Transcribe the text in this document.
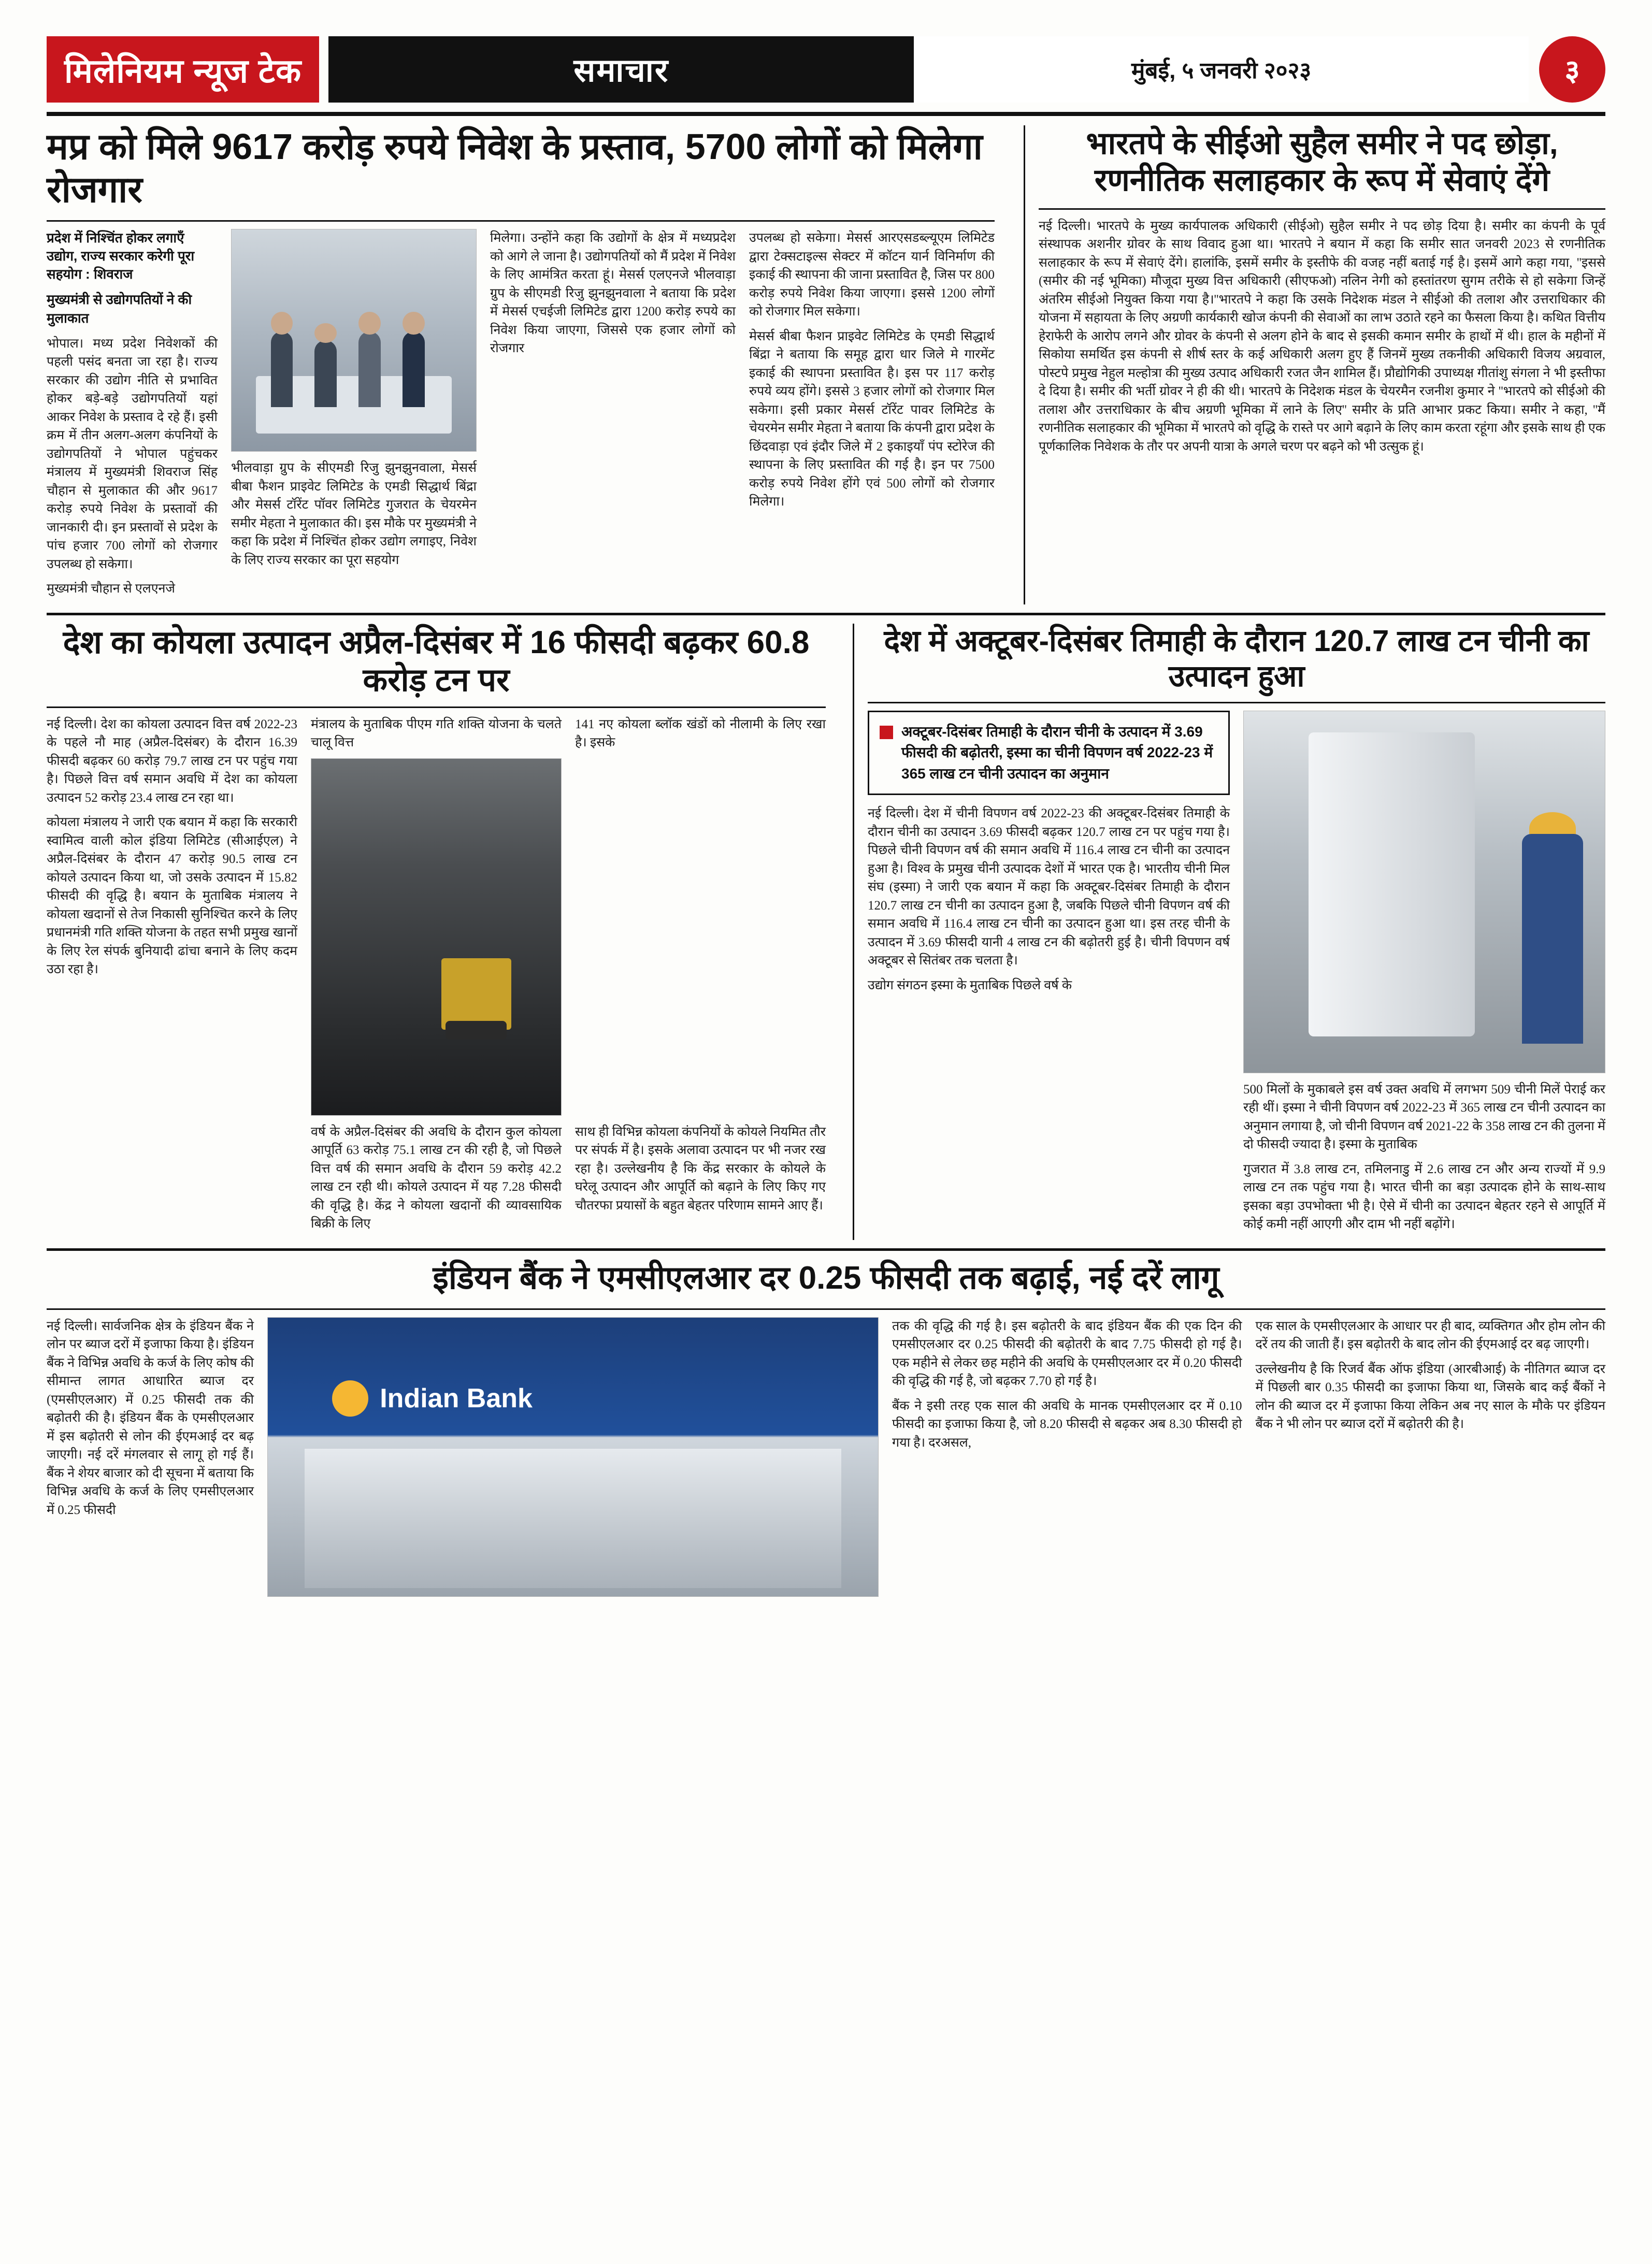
मिलेनियम न्यूज टेक	समाचार	मुंबई, ५ जनवरी २०२३	३
मप्र को मिले 9617 करोड़ रुपये निवेश के प्रस्ताव, 5700 लोगों को मिलेगा रोजगार
प्रदेश में निश्चिंत होकर लगाएँ उद्योग, राज्य सरकार करेगी पूरा सहयोग : शिवराज
मुख्यमंत्री से उद्योगपतियों ने की मुलाकात

भोपाल। मध्य प्रदेश निवेशकों की पहली पसंद बनता जा रहा है। राज्य सरकार की उद्योग नीति से प्रभावित होकर बड़े-बड़े उद्योगपतियों यहां आकर निवेश के प्रस्ताव दे रहे हैं। इसी क्रम में तीन अलग-अलग कंपनियों के उद्योगपतियों ने भोपाल पहुंचकर मंत्रालय में मुख्यमंत्री शिवराज सिंह चौहान से मुलाकात की और 9617 करोड़ रुपये निवेश के प्रस्तावों की जानकारी दी। इन प्रस्तावों से प्रदेश के पांच हजार 700 लोगों को रोजगार उपलब्ध हो सकेगा।

मुख्यमंत्री चौहान से एलएनजे

भीलवाड़ा ग्रुप के सीएमडी रिजु झुनझुनवाला, मेसर्स बीबा फैशन प्राइवेट लिमिटेड के एमडी सिद्धार्थ बिंद्रा और मेसर्स टॉरेंट पॉवर लिमिटेड गुजरात के चेयरमेन समीर मेहता ने मुलाकात की। इस मौके पर मुख्यमंत्री ने कहा कि प्रदेश में निश्चिंत होकर उद्योग लगाइए, निवेश के लिए राज्य सरकार का पूरा सहयोग

मिलेगा। उन्होंने कहा कि उद्योगों के क्षेत्र में मध्यप्रदेश को आगे ले जाना है। उद्योगपतियों को मैं प्रदेश में निवेश के लिए आमंत्रित करता हूं। मेसर्स एलएनजे भीलवाड़ा ग्रुप के सीएमडी रिजु झुनझुनवाला ने बताया कि प्रदेश में मेसर्स एचईजी लिमिटेड द्वारा 1200 करोड़ रुपये का निवेश किया जाएगा, जिससे एक हजार लोगों को रोजगार

उपलब्ध हो सकेगा। मेसर्स आरएसडब्ल्यूएम लिमिटेड द्वारा टेक्सटाइल्स सेक्टर में कॉटन यार्न विनिर्माण की इकाई की स्थापना की जाना प्रस्तावित है, जिस पर 800 करोड़ रुपये निवेश किया जाएगा। इससे 1200 लोगों को रोजगार मिल सकेगा।

मेसर्स बीबा फैशन प्राइवेट लिमिटेड के एमडी सिद्धार्थ बिंद्रा ने बताया कि समूह द्वारा धार जिले मे गारमेंट इकाई की स्थापना प्रस्तावित है। इस पर 117 करोड़ रुपये व्यय होंगे। इससे 3 हजार लोगों को रोजगार मिल सकेगा। इसी प्रकार मेसर्स टॉरेंट पावर लिमिटेड के चेयरमेन समीर मेहता ने बताया कि कंपनी द्वारा प्रदेश के छिंदवाड़ा एवं इंदौर जिले में 2 इकाइयाँ पंप स्टोरेज की स्थापना के लिए प्रस्तावित की गई है। इन पर 7500 करोड़ रुपये निवेश होंगे एवं 500 लोगों को रोजगार मिलेगा।

भारतपे के सीईओ सुहैल समीर ने पद छोड़ा, रणनीतिक सलाहकार के रूप में सेवाएं देंगे

नई दिल्ली। भारतपे के मुख्य कार्यपालक अधिकारी (सीईओ) सुहैल समीर ने पद छोड़ दिया है। समीर का कंपनी के पूर्व संस्थापक अशनीर ग्रोवर के साथ विवाद हुआ था। भारतपे ने बयान में कहा कि समीर सात जनवरी 2023 से रणनीतिक सलाहकार के रूप में सेवाएं देंगे। हालांकि, इसमें समीर के इस्तीफे की वजह नहीं बताई गई है। इसमें आगे कहा गया, ''इससे (समीर की नई भूमिका) मौजूदा मुख्य वित्त अधिकारी (सीएफओ) नलिन नेगी को हस्तांतरण सुगम तरीके से हो सकेगा जिन्हें अंतरिम सीईओ नियुक्त किया गया है।''भारतपे ने कहा कि उसके निदेशक मंडल ने सीईओ की तलाश और उत्तराधिकार की योजना में सहायता के लिए अग्रणी कार्यकारी खोज कंपनी की सेवाओं का लाभ उठाते रहने का फैसला किया है। कथित वित्तीय हेराफेरी के आरोप लगने और ग्रोवर के कंपनी से अलग होने के बाद से इसकी कमान समीर के हाथों में थी। हाल के महीनों में सिकोया समर्थित इस कंपनी से शीर्ष स्तर के कई अधिकारी अलग हुए हैं जिनमें मुख्य तकनीकी अधिकारी विजय अग्रवाल, पोस्टपे प्रमुख नेहुल मल्होत्रा की मुख्य उत्पाद अधिकारी रजत जैन शामिल हैं। प्रौद्योगिकी उपाध्यक्ष गीतांशु संगला ने भी इस्तीफा दे दिया है। समीर की भर्ती ग्रोवर ने ही की थी। भारतपे के निदेशक मंडल के चेयरमैन रजनीश कुमार ने ''भारतपे को सीईओ की तलाश और उत्तराधिकार के बीच अग्रणी भूमिका में लाने के लिए'' समीर के प्रति आभार प्रकट किया। समीर ने कहा, ''मैं रणनीतिक सलाहकार की भूमिका में भारतपे को वृद्धि के रास्ते पर आगे बढ़ाने के लिए काम करता रहूंगा और इसके साथ ही एक पूर्णकालिक निवेशक के तौर पर अपनी यात्रा के अगले चरण पर बढ़ने को भी उत्सुक हूं।

देश का कोयला उत्पादन अप्रैल-दिसंबर में 16 फीसदी बढ़कर 60.8 करोड़ टन पर

नई दिल्ली। देश का कोयला उत्पादन वित्त वर्ष 2022-23 के पहले नौ माह (अप्रैल-दिसंबर) के दौरान 16.39 फीसदी बढ़कर 60 करोड़ 79.7 लाख टन पर पहुंच गया है। पिछले वित्त वर्ष समान अवधि में देश का कोयला उत्पादन 52 करोड़ 23.4 लाख टन रहा था।

कोयला मंत्रालय ने जारी एक बयान में कहा कि सरकारी स्वामित्व वाली कोल इंडिया लिमिटेड (सीआईएल) ने अप्रैल-दिसंबर के दौरान 47 करोड़ 90.5 लाख टन कोयले उत्पादन किया था, जो उसके उत्पादन में 15.82 फीसदी की वृद्धि है। बयान के मुताबिक मंत्रालय ने कोयला खदानों से तेज निकासी सुनिश्चित करने के लिए प्रधानमंत्री गति शक्ति योजना के तहत सभी प्रमुख खानों के लिए रेल संपर्क बुनियादी ढांचा बनाने के लिए कदम उठा रहा है।

मंत्रालय के मुताबिक पीएम गति शक्ति योजना के चलते चालू वित्त

वर्ष के अप्रैल-दिसंबर की अवधि के दौरान कुल कोयला आपूर्ति 63 करोड़ 75.1 लाख टन की रही है, जो पिछले वित्त वर्ष की समान अवधि के दौरान 59 करोड़ 42.2 लाख टन रही थी। कोयले उत्पादन में यह 7.28 फीसदी की वृद्धि है। केंद्र ने कोयला खदानों की व्यावसायिक बिक्री के लिए

141 नए कोयला ब्लॉक खंडों को नीलामी के लिए रखा है। इसके

साथ ही विभिन्न कोयला कंपनियों के कोयले नियमित तौर पर संपर्क में है। इसके अलावा उत्पादन पर भी नजर रख रहा है। उल्लेखनीय है कि केंद्र सरकार के कोयले के घरेलू उत्पादन और आपूर्ति को बढ़ाने के लिए किए गए चौतरफा प्रयासों के बहुत बेहतर परिणाम सामने आए हैं।

देश में अक्टूबर-दिसंबर तिमाही के दौरान 120.7 लाख टन चीनी का उत्पादन हुआ
अक्टूबर-दिसंबर तिमाही के दौरान चीनी के उत्पादन में 3.69 फीसदी की बढ़ोतरी, इस्मा का चीनी विपणन वर्ष 2022-23 में 365 लाख टन चीनी उत्पादन का अनुमान

नई दिल्ली। देश में चीनी विपणन वर्ष 2022-23 की अक्टूबर-दिसंबर तिमाही के दौरान चीनी का उत्पादन 3.69 फीसदी बढ़कर 120.7 लाख टन पर पहुंच गया है। पिछले चीनी विपणन वर्ष की समान अवधि में 116.4 लाख टन चीनी का उत्पादन हुआ है। विश्व के प्रमुख चीनी उत्पादक देशों में भारत एक है। भारतीय चीनी मिल संघ (इस्मा) ने जारी एक बयान में कहा कि अक्टूबर-दिसंबर तिमाही के दौरान 120.7 लाख टन चीनी का उत्पादन हुआ है, जबकि पिछले चीनी विपणन वर्ष की समान अवधि में 116.4 लाख टन चीनी का उत्पादन हुआ था। इस तरह चीनी के उत्पादन में 3.69 फीसदी यानी 4 लाख टन की बढ़ोतरी हुई है। चीनी विपणन वर्ष अक्टूबर से सितंबर तक चलता है।

उद्योग संगठन इस्मा के मुताबिक पिछले वर्ष के

500 मिलों के मुकाबले इस वर्ष उक्त अवधि में लगभग 509 चीनी मिलें पेराई कर रही थीं। इस्मा ने चीनी विपणन वर्ष 2022-23 में 365 लाख टन चीनी उत्पादन का अनुमान लगाया है, जो चीनी विपणन वर्ष 2021-22 के 358 लाख टन की तुलना में दो फीसदी ज्यादा है। इस्मा के मुताबिक

गुजरात में 3.8 लाख टन, तमिलनाडु में 2.6 लाख टन और अन्य राज्यों में 9.9 लाख टन तक पहुंच गया है। भारत चीनी का बड़ा उत्पादक होने के साथ-साथ इसका बड़ा उपभोक्ता भी है। ऐसे में चीनी का उत्पादन बेहतर रहने से आपूर्ति में कोई कमी नहीं आएगी और दाम भी नहीं बढ़ोंगे।

इंडियन बैंक ने एमसीएलआर दर 0.25 फीसदी तक बढ़ाई, नई दरें लागू

नई दिल्ली। सार्वजनिक क्षेत्र के इंडियन बैंक ने लोन पर ब्याज दरों में इजाफा किया है। इंडियन बैंक ने विभिन्न अवधि के कर्ज के लिए कोष की सीमान्त लागत आधारित ब्याज दर (एमसीएलआर) में 0.25 फीसदी तक की बढ़ोतरी की है। इंडियन बैंक के एमसीएलआर में इस बढ़ोतरी से लोन की ईएमआई दर बढ़ जाएगी। नई दरें मंगलवार से लागू हो गई हैं। बैंक ने शेयर बाजार को दी सूचना में बताया कि विभिन्न अवधि के कर्ज के लिए एमसीएलआर में 0.25 फीसदी

Indian Bank

तक की वृद्धि की गई है। इस बढ़ोतरी के बाद इंडियन बैंक की एक दिन की एमसीएलआर दर 0.25 फीसदी की बढ़ोतरी के बाद 7.75 फीसदी हो गई है। एक महीने से लेकर छह महीने की अवधि के एमसीएलआर दर में 0.20 फीसदी की वृद्धि की गई है, जो बढ़कर 7.70 हो गई है।

बैंक ने इसी तरह एक साल की अवधि के मानक एमसीएलआर दर में 0.10 फीसदी का इजाफा किया है, जो 8.20 फीसदी से बढ़कर अब 8.30 फीसदी हो गया है। दरअसल,

एक साल के एमसीएलआर के आधार पर ही बाद, व्यक्तिगत और होम लोन की दरें तय की जाती हैं। इस बढ़ोतरी के बाद लोन की ईएमआई दर बढ़ जाएगी।

उल्लेखनीय है कि रिजर्व बैंक ऑफ इंडिया (आरबीआई) के नीतिगत ब्याज दर में पिछली बार 0.35 फीसदी का इजाफा किया था, जिसके बाद कई बैंकों ने लोन की ब्याज दर में इजाफा किया लेकिन अब नए साल के मौके पर इंडियन बैंक ने भी लोन पर ब्याज दरों में बढ़ोतरी की है।
